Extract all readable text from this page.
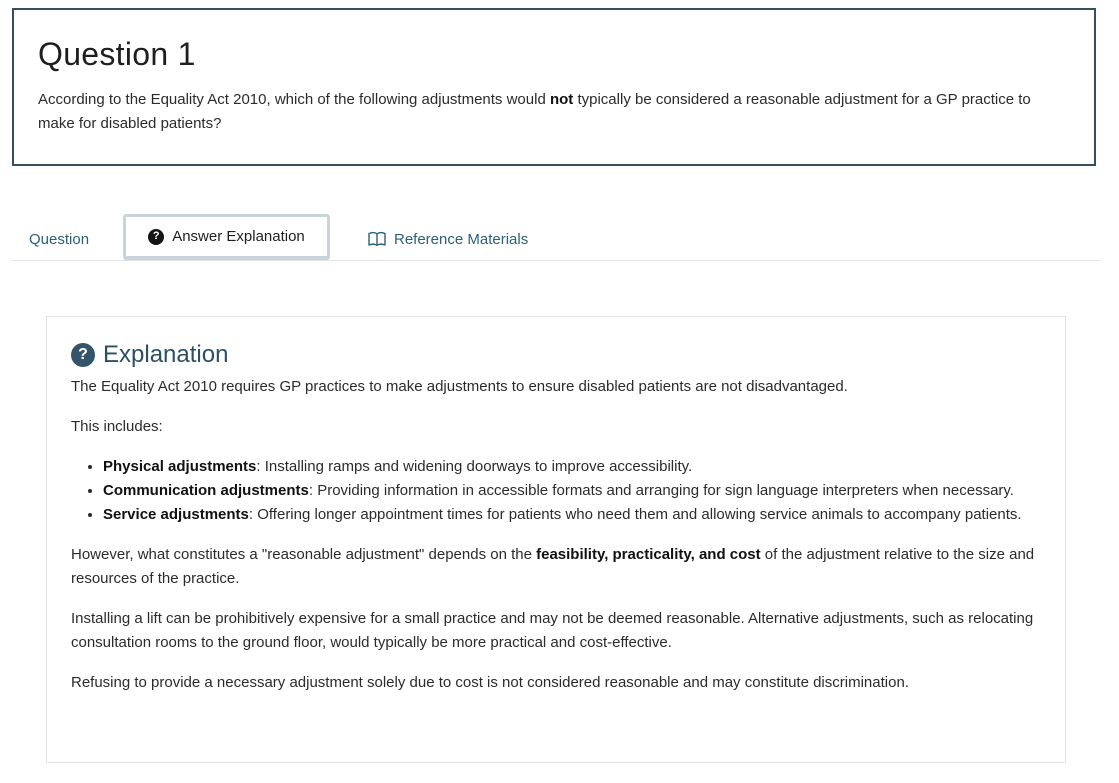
Question 1

According to the Equality Act 2010, which of the following adjustments would not typically be considered a reasonable adjustment for a GP practice to make for disabled patients?

Question	? Answer Explanation	Reference Materials
? Explanation

The Equality Act 2010 requires GP practices to make adjustments to ensure disabled patients are not disadvantaged.

This includes:

• Physical adjustments: Installing ramps and widening doorways to improve accessibility.
• Communication adjustments: Providing information in accessible formats and arranging for sign language interpreters when necessary.
• Service adjustments: Offering longer appointment times for patients who need them and allowing service animals to accompany patients.

However, what constitutes a "reasonable adjustment" depends on the feasibility, practicality, and cost of the adjustment relative to the size and resources of the practice.

Installing a lift can be prohibitively expensive for a small practice and may not be deemed reasonable. Alternative adjustments, such as relocating consultation rooms to the ground floor, would typically be more practical and cost-effective.

Refusing to provide a necessary adjustment solely due to cost is not considered reasonable and may constitute discrimination.
